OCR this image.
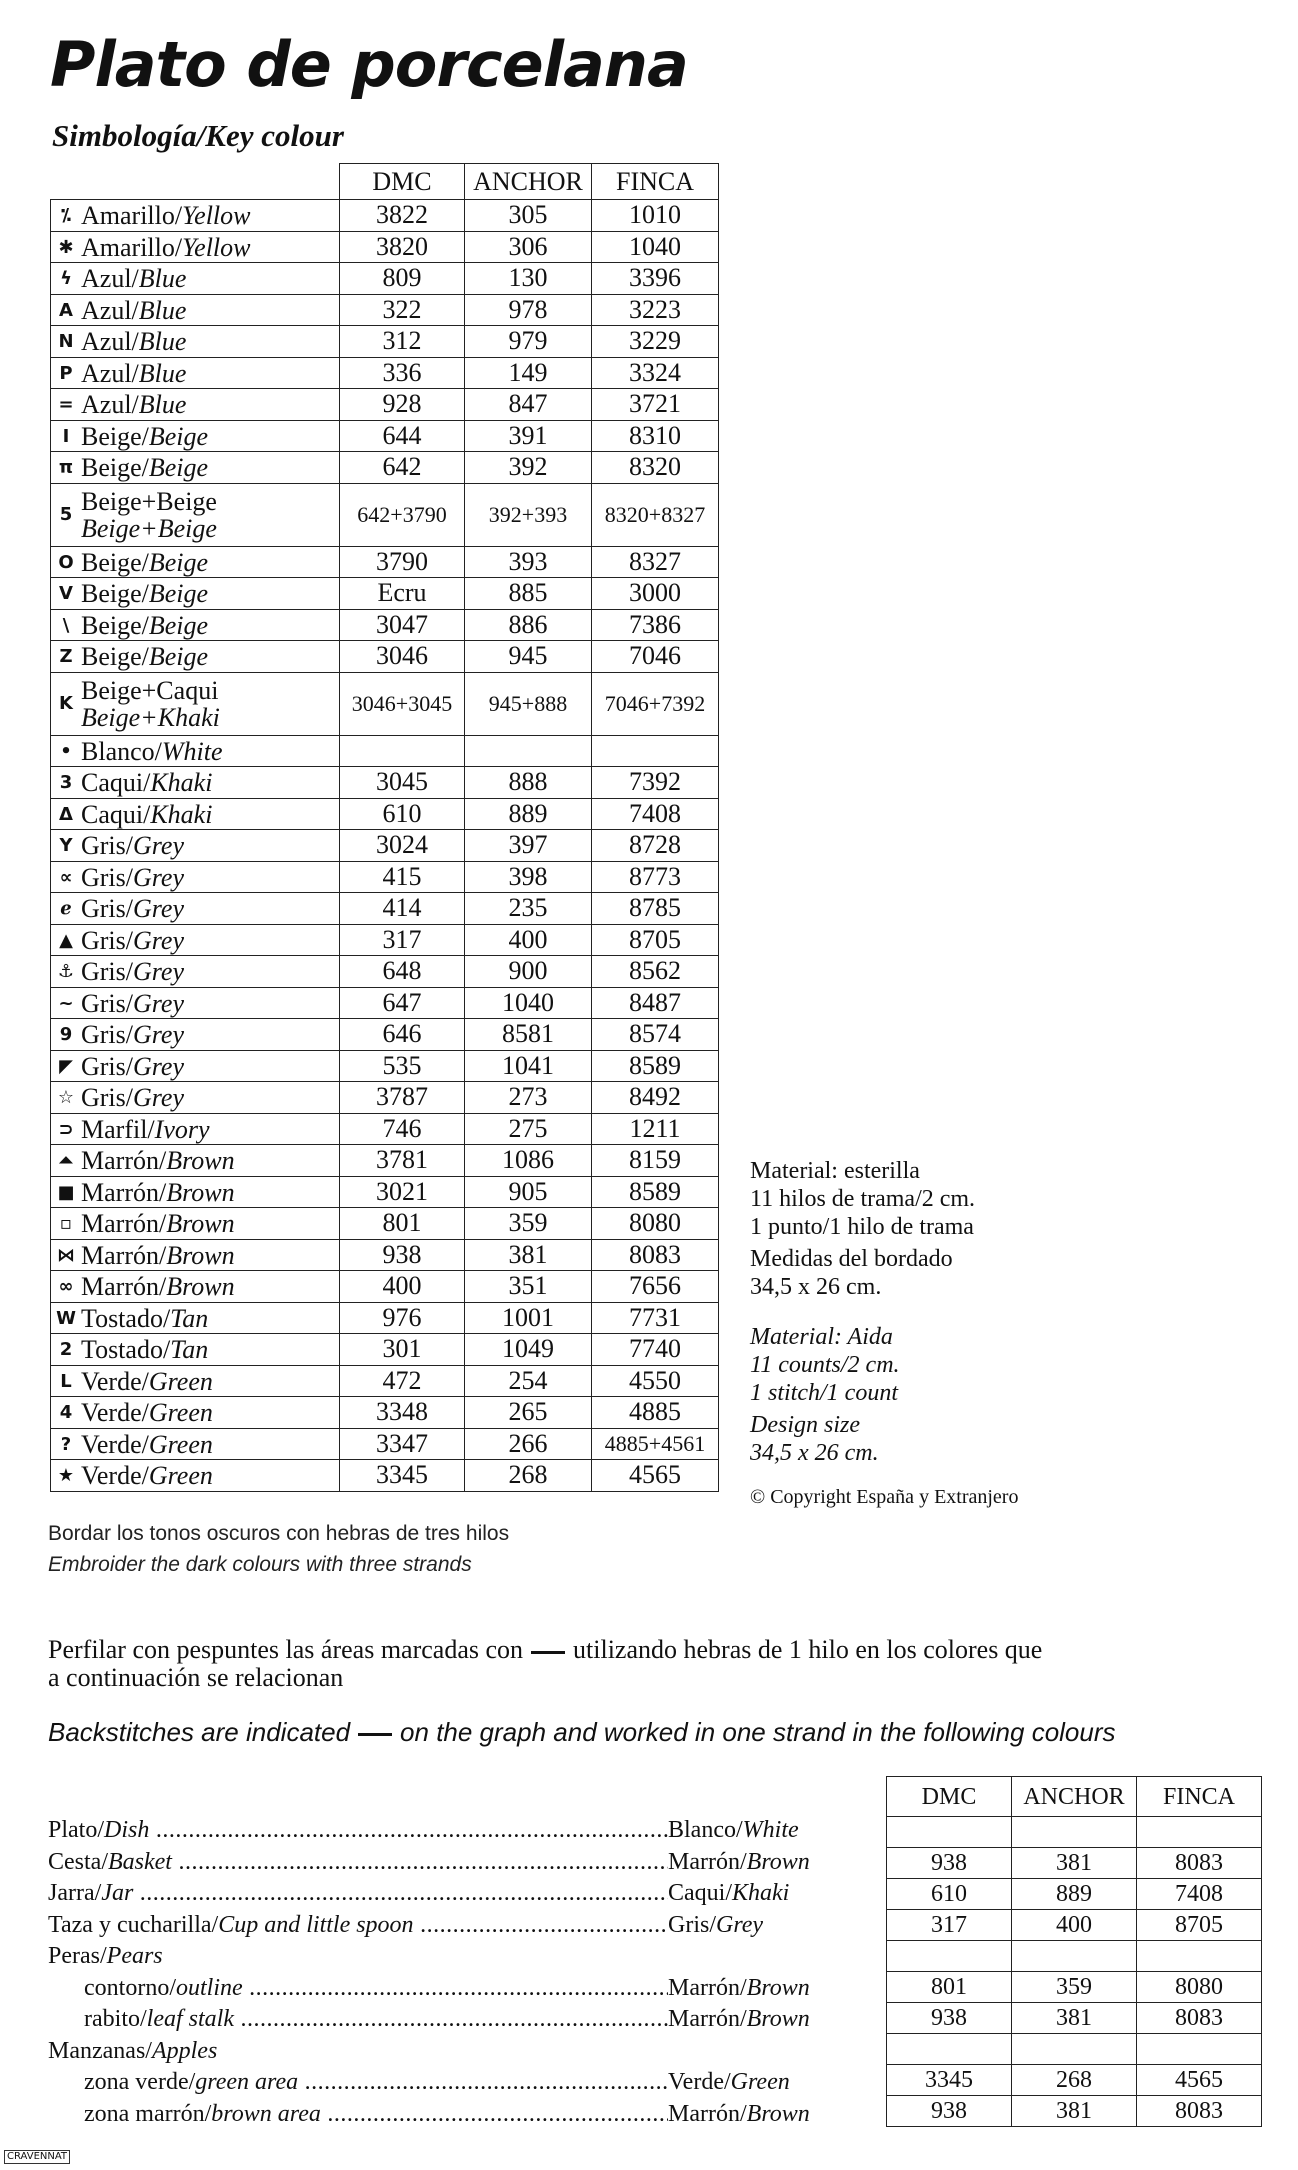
Plato de porcelana
Simbología/Key colour
	DMC	ANCHOR	FINCA
⁒ Amarillo/Yellow	3822	305	1010
✱ Amarillo/Yellow	3820	306	1040
ϟ Azul/Blue	809	130	3396
A Azul/Blue	322	978	3223
N Azul/Blue	312	979	3229
P Azul/Blue	336	149	3324
= Azul/Blue	928	847	3721
I Beige/Beige	644	391	8310
π Beige/Beige	642	392	8320
5 Beige+Beige
Beige+Beige	642+3790	392+393	8320+8327
O Beige/Beige	3790	393	8327
V Beige/Beige	Ecru	885	3000
\ Beige/Beige	3047	886	7386
Z Beige/Beige	3046	945	7046
K Beige+Caqui
Beige+Khaki	3046+3045	945+888	7046+7392
• Blanco/White			
3 Caqui/Khaki	3045	888	7392
Δ Caqui/Khaki	610	889	7408
Y Gris/Grey	3024	397	8728
∝ Gris/Grey	415	398	8773
ℯ Gris/Grey	414	235	8785
▲ Gris/Grey	317	400	8705
⚓ Gris/Grey	648	900	8562
~ Gris/Grey	647	1040	8487
9 Gris/Grey	646	8581	8574
◤ Gris/Grey	535	1041	8589
☆ Gris/Grey	3787	273	8492
⊃ Marfil/Ivory	746	275	1211
⏶ Marrón/Brown	3781	1086	8159
■ Marrón/Brown	3021	905	8589
▫ Marrón/Brown	801	359	8080
⋈ Marrón/Brown	938	381	8083
∞ Marrón/Brown	400	351	7656
W Tostado/Tan	976	1001	7731
2 Tostado/Tan	301	1049	7740
L Verde/Green	472	254	4550
4 Verde/Green	3348	265	4885
? Verde/Green	3347	266	4885+4561
★ Verde/Green	3345	268	4565
Bordar los tonos oscuros con hebras de tres hilos
Embroider the dark colours with three strands
Material: esterilla
11 hilos de trama/2 cm.
1 punto/1 hilo de trama
Medidas del bordado
34,5 x 26 cm.
Material: Aida
11 counts/2 cm.
1 stitch/1 count
Design size
34,5 x 26 cm.
© Copyright España y Extranjero
Perfilar con pespuntes las áreas marcadas con utilizando hebras de 1 hilo en los colores que
a continuación se relacionan
Backstitches are indicated on the graph and worked in one strand in the following colours
Plato/Dish .....	Blanco/White
Cesta/Basket .....	Marrón/Brown
Jarra/Jar .....	Caqui/Khaki
Taza y cucharilla/Cup and little spoon .....	Gris/Grey
Peras/Pears
contorno/outline .....	Marrón/Brown
rabito/leaf stalk .....	Marrón/Brown
Manzanas/Apples
zona verde/green area .....	Verde/Green
zona marrón/brown area .....	Marrón/Brown
DMC	ANCHOR	FINCA

938	381	8083
610	889	7408
317	400	8705

801	359	8080
938	381	8083

3345	268	4565
938	381	8083
CRAVENNAT
